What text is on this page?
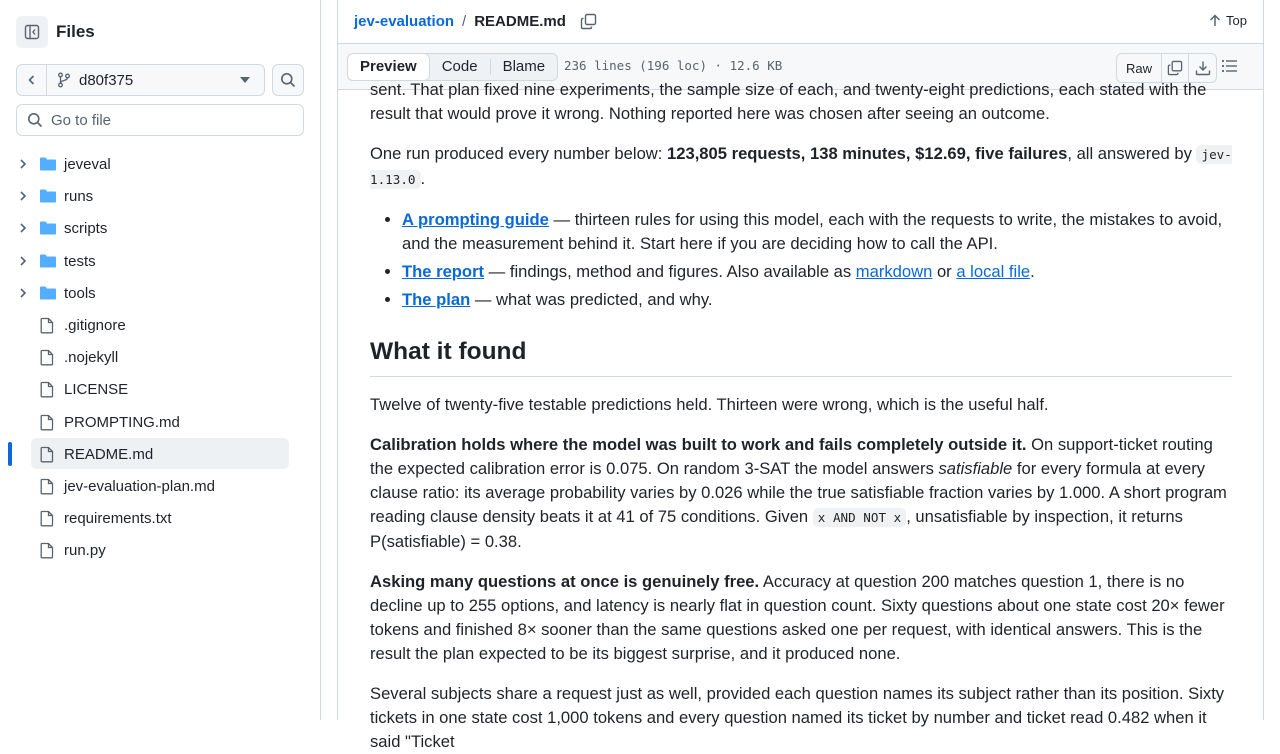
Files
d80f375
Go to file
jeveval
runs
scripts
tests
tools
.gitignore
.nojekyll
LICENSE
PROMPTING.md
README.md
jev-evaluation-plan.md
requirements.txt
run.py
jev-evaluation / README.md	Top
Preview	Code	Blame	236 lines (196 loc) · 12.6 KB	Raw

sent. That plan fixed nine experiments, the sample size of each, and twenty-eight predictions, each stated with the result that would prove it wrong. Nothing reported here was chosen after seeing an outcome.

One run produced every number below: 123,805 requests, 138 minutes, $12.69, five failures, all answered by jev-1.13.0 .

• A prompting guide — thirteen rules for using this model, each with the requests to write, the mistakes to avoid, and the measurement behind it. Start here if you are deciding how to call the API.
• The report — findings, method and figures. Also available as markdown or a local file.
• The plan — what was predicted, and why.
What it found

Twelve of twenty-five testable predictions held. Thirteen were wrong, which is the useful half.

Calibration holds where the model was built to work and fails completely outside it. On support-ticket routing the expected calibration error is 0.075. On random 3-SAT the model answers satisfiable for every formula at every clause ratio: its average probability varies by 0.026 while the true satisfiable fraction varies by 1.000. A short program reading clause density beats it at 41 of 75 conditions. Given x AND NOT x , unsatisfiable by inspection, it returns P(satisfiable) = 0.38.

Asking many questions at once is genuinely free. Accuracy at question 200 matches question 1, there is no decline up to 255 options, and latency is nearly flat in question count. Sixty questions about one state cost 20× fewer tokens and finished 8× sooner than the same questions asked one per request, with identical answers. This is the result the plan expected to be its biggest surprise, and it produced none.

Several subjects share a request just as well, provided each question names its subject rather than its position. Sixty tickets in one state cost 1,000 tokens and every question named its ticket by number and ticket read 0.482 when it said "Ticket
